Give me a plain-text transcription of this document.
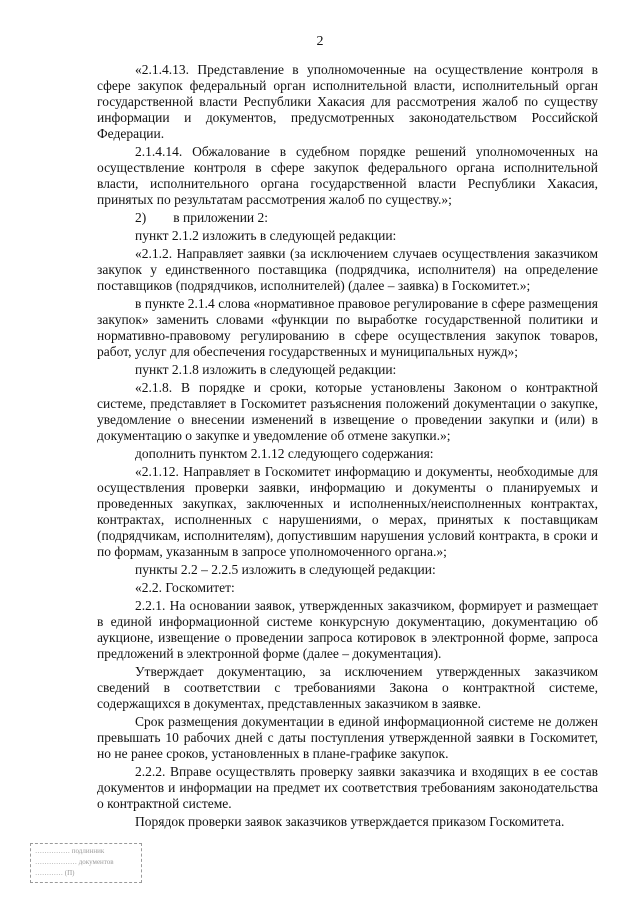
2

«2.1.4.13. Представление в уполномоченные на осуществление контроля в сфере закупок федеральный орган исполнительной власти, исполнительный орган государственной власти Республики Хакасия для рассмотрения жалоб по существу информации и документов, предусмотренных законодательством Российской Федерации.

2.1.4.14. Обжалование в судебном порядке решений уполномоченных на осуществление контроля в сфере закупок федерального органа исполнительной власти, исполнительного органа государственной власти Республики Хакасия, принятых по результатам рассмотрения жалоб по существу.»;

2)        в приложении 2:

пункт 2.1.2 изложить в следующей редакции:

«2.1.2. Направляет заявки (за исключением случаев осуществления заказчиком закупок у единственного поставщика (подрядчика, исполнителя) на определение поставщиков (подрядчиков, исполнителей) (далее – заявка) в Госкомитет.»;

в пункте 2.1.4 слова «нормативное правовое регулирование в сфере размещения закупок» заменить словами «функции по выработке государственной политики и нормативно-правовому регулированию в сфере осуществления закупок товаров, работ, услуг для обеспечения государственных и муниципальных нужд»;

пункт 2.1.8 изложить в следующей редакции:

«2.1.8. В порядке и сроки, которые установлены Законом о контрактной системе, представляет в Госкомитет разъяснения положений документации о закупке, уведомление о внесении изменений в извещение о проведении закупки и (или) в документацию о закупке и уведомление об отмене закупки.»;

дополнить пунктом 2.1.12 следующего содержания:

«2.1.12. Направляет в Госкомитет информацию и документы, необходимые для осуществления проверки заявки, информацию и документы о планируемых и проведенных закупках, заключенных и исполненных/неисполненных контрактах, контрактах, исполненных с нарушениями, о мерах, принятых к поставщикам (подрядчикам, исполнителям), допустившим нарушения условий контракта, в сроки и по формам, указанным в запросе уполномоченного органа.»;

пункты 2.2 – 2.2.5 изложить в следующей редакции:

«2.2. Госкомитет:

2.2.1. На основании заявок, утвержденных заказчиком, формирует и размещает в единой информационной системе конкурсную документацию, документацию об аукционе, извещение о проведении запроса котировок в электронной форме, запроса предложений в электронной форме (далее – документация).

Утверждает документацию, за исключением утвержденных заказчиком сведений в соответствии с требованиями Закона о контрактной системе, содержащихся в документах, представленных заказчиком в заявке.

Срок размещения документации в единой информационной системе не должен превышать 10 рабочих дней с даты поступления утвержденной заявки в Госкомитет, но не ранее сроков, установленных в плане-графике закупок.

2.2.2. Вправе осуществлять проверку заявки заказчика и входящих в ее состав документов и информации на предмет их соответствия требованиям законодательства о контрактной системе.

Порядок проверки заявок заказчиков утверждается приказом Госкомитета.

…………… подлинник
……………… документов
………… (П)
